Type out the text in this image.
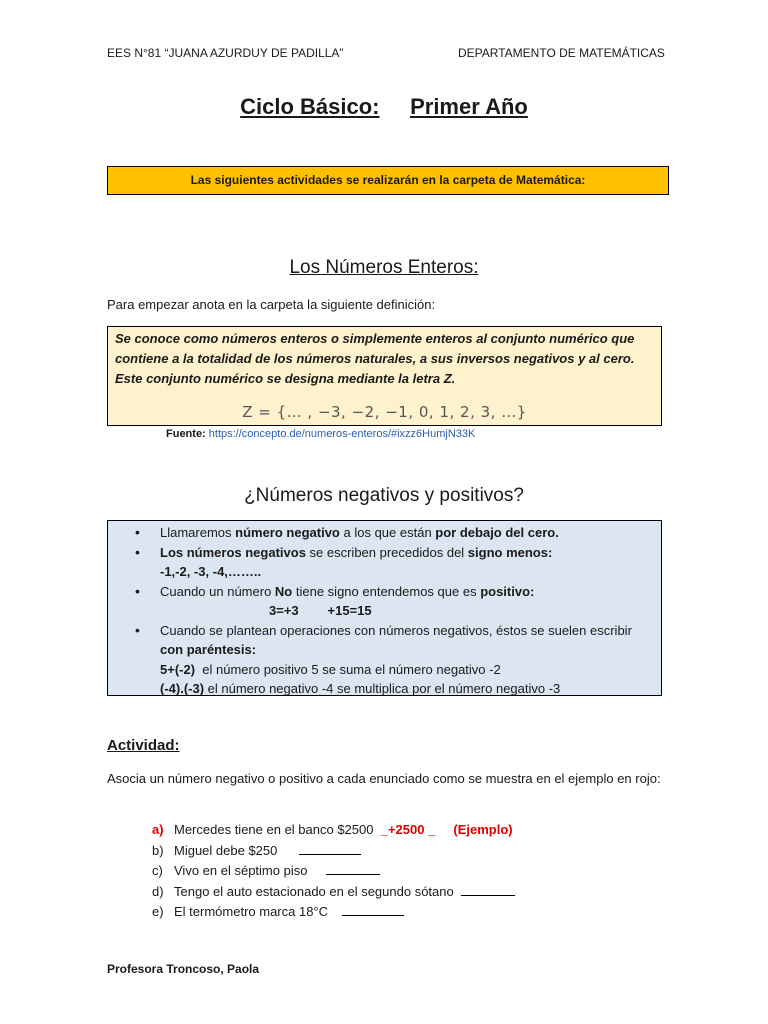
EES N°81 “JUANA AZURDUY DE PADILLA”	DEPARTAMENTO DE MATEMÁTICAS
Ciclo Básico: Primer Año
Las siguientes actividades se realizarán en la carpeta de Matemática:
Los Números Enteros:
Para empezar anota en la carpeta la siguiente definición:

Se conoce como números enteros o simplemente enteros al conjunto numérico que contiene a la totalidad de los números naturales, a sus inversos negativos y al cero. Este conjunto numérico se designa mediante la letra Z.

Z = {… , −3, −2, −1, 0, 1, 2, 3, …}
Fuente: https://concepto.de/numeros-enteros/#ixzz6HumjN33K
¿Números negativos y positivos?
• Llamaremos número negativo a los que están por debajo del cero.
• Los números negativos se escriben precedidos del signo menos:
-1,-2, -3, -4,……..
• Cuando un número No tiene signo entendemos que es positivo:
3=+3        +15=15
• Cuando se plantean operaciones con números negativos, éstos se suelen escribir
con paréntesis:
5+(-2)  el número positivo 5 se suma el número negativo -2
(-4).(-3) el número negativo -4 se multiplica por el número negativo -3
Actividad:
Asocia un número negativo o positivo a cada enunciado como se muestra en el ejemplo en rojo:
a) Mercedes tiene en el banco $2500 _+2500 _ (Ejemplo)
b) Miguel debe $250
c) Vivo en el séptimo piso
d) Tengo el auto estacionado en el segundo sótano
e) El termómetro marca 18°C
Profesora Troncoso, Paola
